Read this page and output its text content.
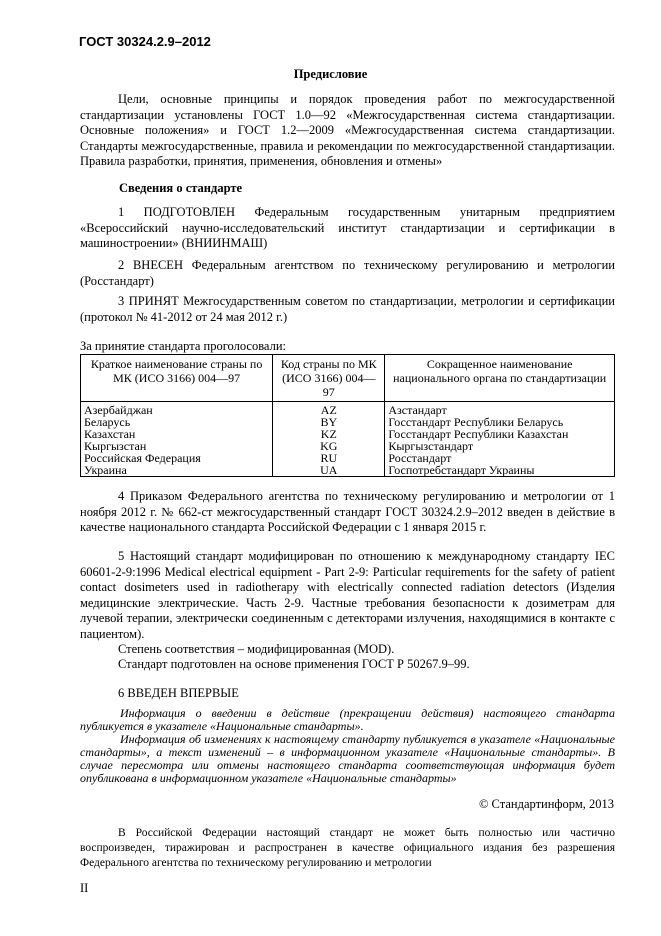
ГОСТ 30324.2.9–2012
Предисловие

Цели, основные принципы и порядок проведения работ по межгосударственной стандартизации установлены ГОСТ 1.0—92 «Межгосударственная система стандартизации. Основные положения» и ГОСТ 1.2—2009 «Межгосударственная система стандартизации. Стандарты межгосударственные, правила и рекомендации по межгосударственной стандартизации. Правила разработки, принятия, применения, обновления и отмены»

Сведения о стандарте

1 ПОДГОТОВЛЕН Федеральным государственным унитарным предприятием «Всероссийский научно-исследовательский институт стандартизации и сертификации в машиностроении» (ВНИИНМАШ)

2 ВНЕСЕН Федеральным агентством по техническому регулированию и метрологии (Росстандарт)

3 ПРИНЯТ Межгосударственным советом по стандартизации, метрологии и сертификации (протокол № 41-2012 от 24 мая 2012 г.)

За принятие стандарта проголосовали:

Краткое наименование страны по МК (ИСО 3166) 004—97	Код страны по МК (ИСО 3166) 004—97	Сокращенное наименование национального органа по стандартизации
Азербайджан	AZ	Азстандарт
Беларусь	BY	Госстандарт Республики Беларусь
Казахстан	KZ	Госстандарт Республики Казахстан
Кыргызстан	KG	Кыргызстандарт
Российская Федерация	RU	Росстандарт
Украина	UA	Госпотребстандарт Украины

4 Приказом Федерального агентства по техническому регулированию и метрологии от 1 ноября 2012 г. № 662-ст межгосударственный стандарт ГОСТ 30324.2.9–2012 введен в действие в качестве национального стандарта Российской Федерации с 1 января 2015 г.

5 Настоящий стандарт модифицирован по отношению к международному стандарту IEC 60601-2-9:1996 Medical electrical equipment - Part 2-9: Particular requirements for the safety of patient contact dosimeters used in radiotherapy with electrically connected radiation detectors (Изделия медицинские электрические. Часть 2-9. Частные требования безопасности к дозиметрам для лучевой терапии, электрически соединенным с детекторами излучения, находящимися в контакте с пациентом).

Степень соответствия – модифицированная (MOD).

Стандарт подготовлен на основе применения ГОСТ Р 50267.9–99.

6 ВВЕДЕН ВПЕРВЫЕ

Информация о введении в действие (прекращении действия) настоящего стандарта публикуется в указателе «Национальные стандарты».

Информация об изменениях к настоящему стандарту публикуется в указателе «Национальные стандарты», а текст изменений – в информационном указателе «Национальные стандарты». В случае пересмотра или отмены настоящего стандарта соответствующая информация будет опубликована в информационном указателе «Национальные стандарты»

© Стандартинформ, 2013

В Российской Федерации настоящий стандарт не может быть полностью или частично воспроизведен, тиражирован и распространен в качестве официального издания без разрешения Федерального агентства по техническому регулированию и метрологии

II
